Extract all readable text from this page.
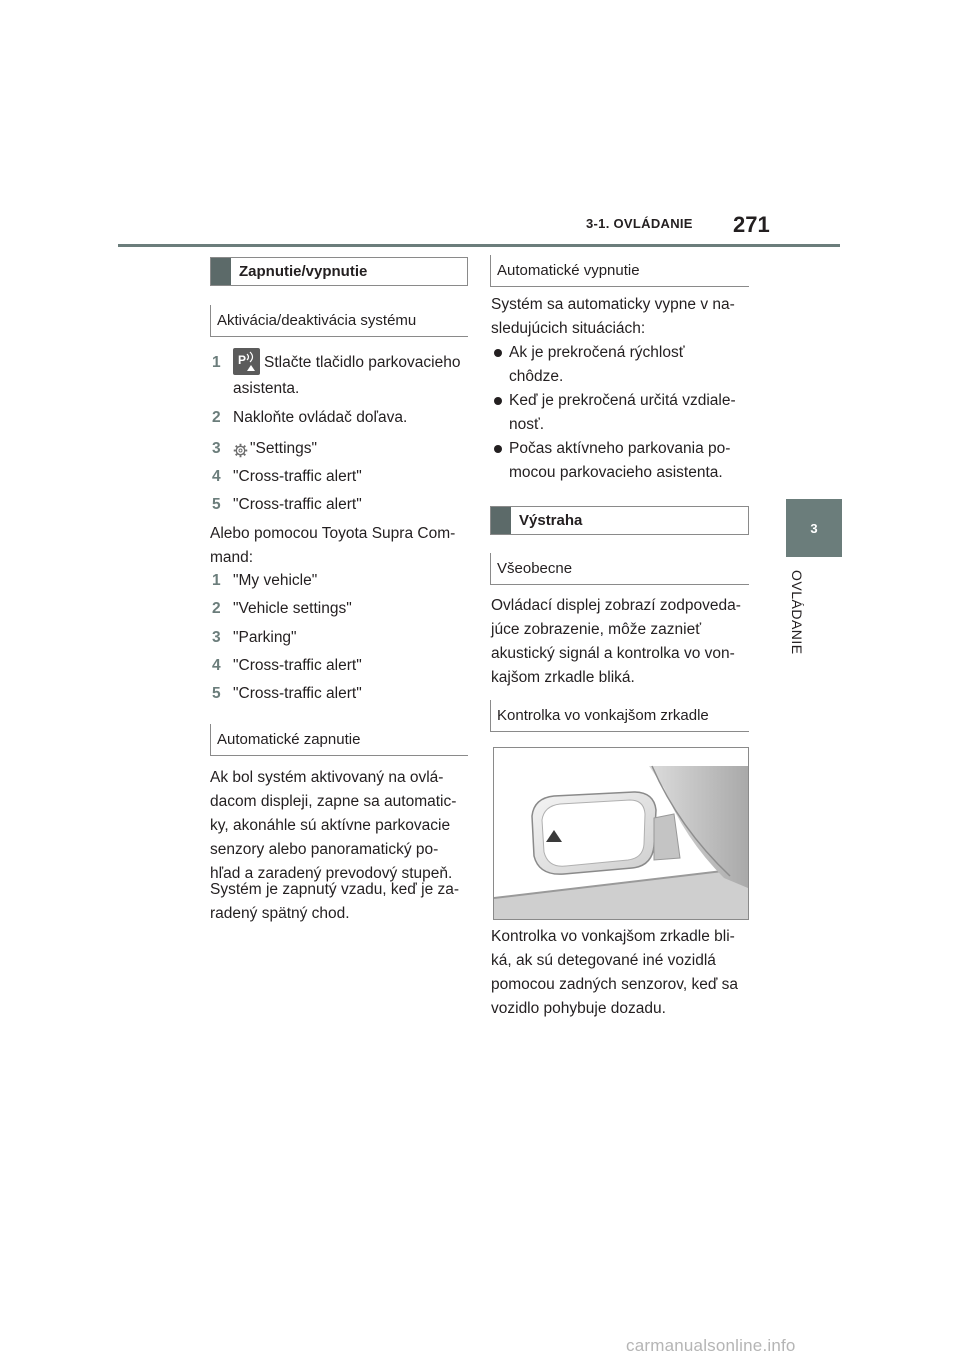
3-1. OVLÁDANIE	271
3
OVLÁDANIE
Zapnutie/vypnutie
Aktivácia/deaktivácia systému
1 P Stlačte tlačidlo parkovacieho
asistenta.
2 Nakloňte ovládač doľava.
3 "Settings"
4 "Cross-traffic alert"
5 "Cross-traffic alert"
Alebo pomocou Toyota Supra Com-
mand:
1 "My vehicle"
2 "Vehicle settings"
3 "Parking"
4 "Cross-traffic alert"
5 "Cross-traffic alert"
Automatické zapnutie
Ak bol systém aktivovaný na ovlá-
dacom displeji, zapne sa automatic-
ky, akonáhle sú aktívne parkovacie
senzory alebo panoramatický po-
hľad a zaradený prevodový stupeň.
Systém je zapnutý vzadu, keď je za-
radený spätný chod.
Automatické vypnutie
Systém sa automaticky vypne v na-
sledujúcich situáciách:
Ak je prekročená rýchlosť
chôdze.
Keď je prekročená určitá vzdiale-
nosť.
Počas aktívneho parkovania po-
mocou parkovacieho asistenta.
Výstraha
Všeobecne
Ovládací displej zobrazí zodpoveda-
júce zobrazenie, môže zaznieť
akustický signál a kontrolka vo von-
kajšom zrkadle bliká.
Kontrolka vo vonkajšom zrkadle
Kontrolka vo vonkajšom zrkadle bli-
ká, ak sú detegované iné vozidlá
pomocou zadných senzorov, keď sa
vozidlo pohybuje dozadu.
carmanualsonline.info
